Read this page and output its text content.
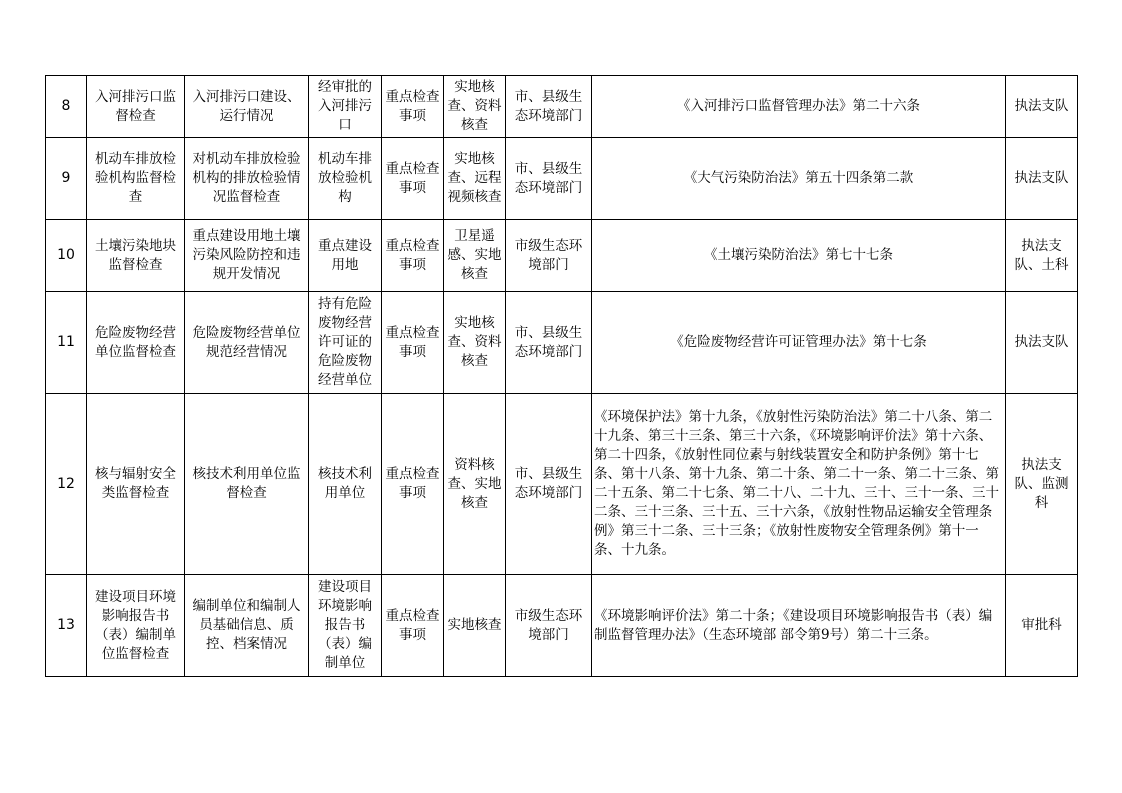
8	入河排污口监督检查	入河排污口建设、运行情况	经审批的入河排污口	重点检查事项	实地核查、资料核查	市、县级生态环境部门	《入河排污口监督管理办法》第二十六条	执法支队
9	机动车排放检验机构监督检查	对机动车排放检验机构的排放检验情况监督检查	机动车排放检验机构	重点检查事项	实地核查、远程视频核查	市、县级生态环境部门	《大气污染防治法》第五十四条第二款	执法支队
10	土壤污染地块监督检查	重点建设用地土壤污染风险防控和违规开发情况	重点建设用地	重点检查事项	卫星遥感、实地核查	市级生态环境部门	《土壤污染防治法》第七十七条	执法支队、土科
11	危险废物经营单位监督检查	危险废物经营单位规范经营情况	持有危险废物经营许可证的危险废物经营单位	重点检查事项	实地核查、资料核查	市、县级生态环境部门	《危险废物经营许可证管理办法》第十七条	执法支队
12	核与辐射安全类监督检查	核技术利用单位监督检查	核技术利用单位	重点检查事项	资料核查、实地核查	市、县级生态环境部门	《环境保护法》第十九条，《放射性污染防治法》第二十八条、第二十九条、第三十三条、第三十六条，《环境影响评价法》第十六条、第二十四条，《放射性同位素与射线装置安全和防护条例》第十七条、第十八条、第十九条、第二十条、第二十一条、第二十三条、第二十五条、第二十七条、第二十八、二十九、三十、三十一条、三十二条、三十三条、三十五、三十六条，《放射性物品运输安全管理条例》第三十二条、三十三条；《放射性废物安全管理条例》第十一条、十九条。	执法支队、监测科
13	建设项目环境影响报告书（表）编制单位监督检查	编制单位和编制人员基础信息、质控、档案情况	建设项目环境影响报告书（表）编制单位	重点检查事项	实地核查	市级生态环境部门	《环境影响评价法》第二十条；《建设项目环境影响报告书（表）编制监督管理办法》（生态环境部 部令第9号）第二十三条。	审批科
